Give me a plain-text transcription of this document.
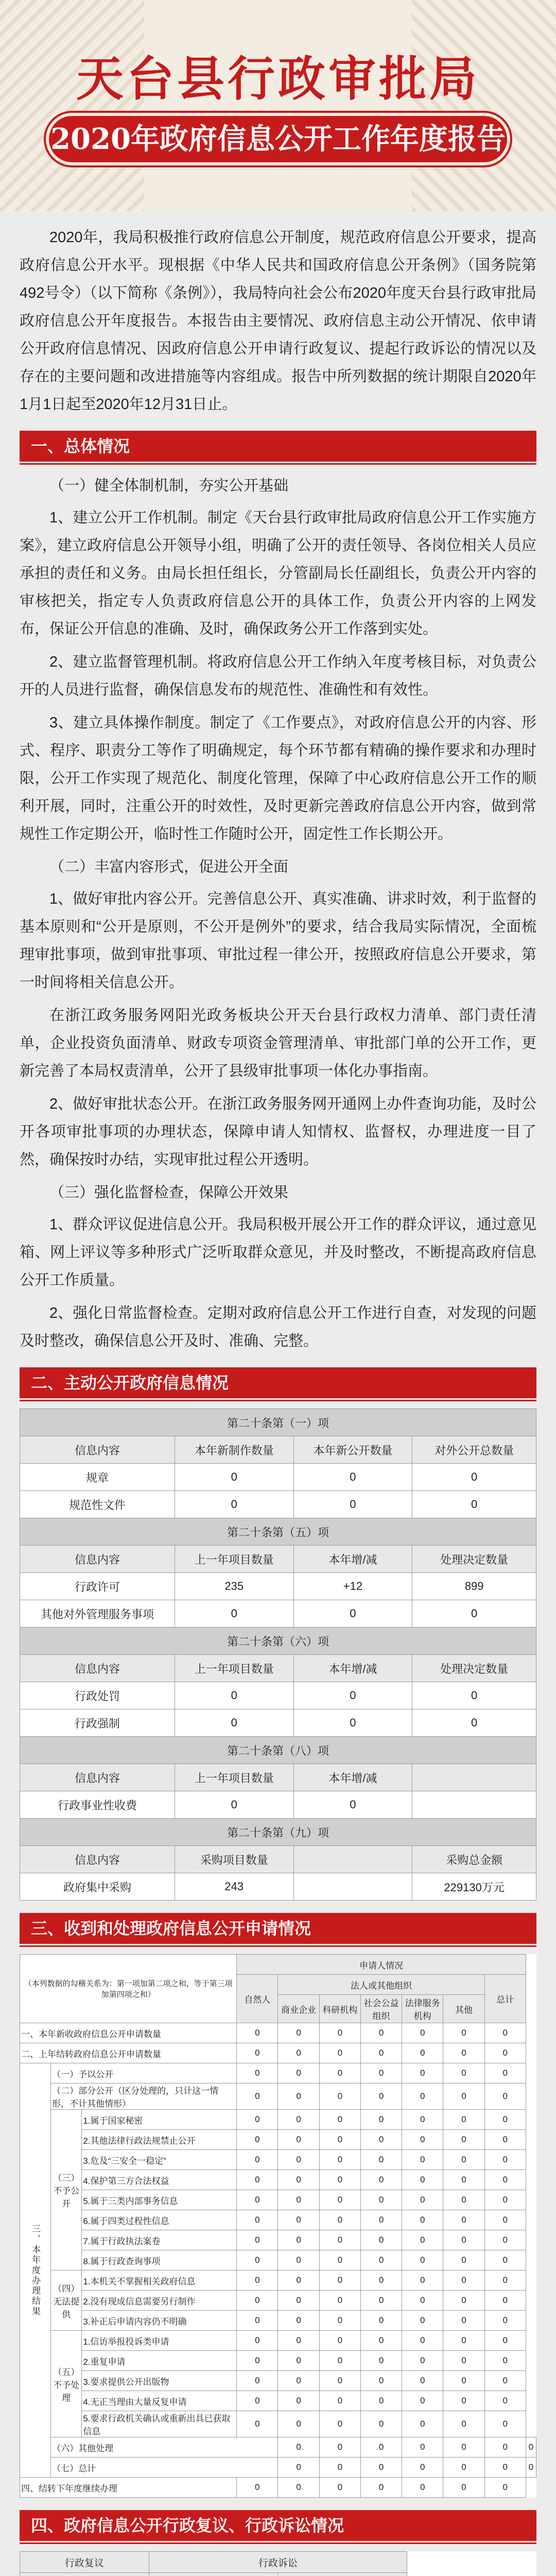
天台县行政审批局
2020年政府信息公开工作年度报告

2020年，我局积极推行政府信息公开制度，规范政府信息公开要求，提高政府信息公开水平。现根据《中华人民共和国政府信息公开条例》（国务院第492号令）（以下简称《条例》），我局特向社会公布2020年度天台县行政审批局政府信息公开年度报告。本报告由主要情况、政府信息主动公开情况、依申请公开政府信息情况、因政府信息公开申请行政复议、提起行政诉讼的情况以及存在的主要问题和改进措施等内容组成。报告中所列数据的统计期限自2020年1月1日起至2020年12月31日止。

一、总体情况

（一）健全体制机制，夯实公开基础

1、建立公开工作机制。制定《天台县行政审批局政府信息公开工作实施方案》，建立政府信息公开领导小组，明确了公开的责任领导、各岗位相关人员应承担的责任和义务。由局长担任组长，分管副局长任副组长，负责公开内容的审核把关，指定专人负责政府信息公开的具体工作，负责公开内容的上网发布，保证公开信息的准确、及时，确保政务公开工作落到实处。

2、建立监督管理机制。将政府信息公开工作纳入年度考核目标，对负责公开的人员进行监督，确保信息发布的规范性、准确性和有效性。

3、建立具体操作制度。制定了《工作要点》，对政府信息公开的内容、形式、程序、职责分工等作了明确规定，每个环节都有精确的操作要求和办理时限，公开工作实现了规范化、制度化管理，保障了中心政府信息公开工作的顺利开展，同时，注重公开的时效性，及时更新完善政府信息公开内容，做到常规性工作定期公开，临时性工作随时公开，固定性工作长期公开。

（二）丰富内容形式，促进公开全面

1、做好审批内容公开。完善信息公开、真实准确、讲求时效，利于监督的基本原则和“公开是原则，不公开是例外”的要求，结合我局实际情况，全面梳理审批事项，做到审批事项、审批过程一律公开，按照政府信息公开要求，第一时间将相关信息公开。

在浙江政务服务网阳光政务板块公开天台县行政权力清单、部门责任清单，企业投资负面清单、财政专项资金管理清单、审批部门单的公开工作，更新完善了本局权责清单，公开了县级审批事项一体化办事指南。

2、做好审批状态公开。在浙江政务服务网开通网上办件查询功能，及时公开各项审批事项的办理状态，保障申请人知情权、监督权，办理进度一目了然，确保按时办结，实现审批过程公开透明。

（三）强化监督检查，保障公开效果

1、群众评议促进信息公开。我局积极开展公开工作的群众评议，通过意见箱、网上评议等多种形式广泛听取群众意见，并及时整改，不断提高政府信息公开工作质量。

2、强化日常监督检查。定期对政府信息公开工作进行自查，对发现的问题及时整改，确保信息公开及时、准确、完整。

二、主动公开政府信息情况
第二十条第（一）项			
信息内容	本年新制作数量	本年新公开数量	对外公开总数量
规章	0	0	0
规范性文件	0	0	0
第二十条第（五）项			
信息内容	上一年项目数量	本年增/减	处理决定数量
行政许可	235	+12	899
其他对外管理服务事项	0	0	0
第二十条第（六）项			
信息内容	上一年项目数量	本年增/减	处理决定数量
行政处罚	0	0	0
行政强制	0	0	0
第二十条第（八）项			
信息内容	上一年项目数量	本年增/减	
行政事业性收费	0	0	
第二十条第（九）项			
信息内容	采购项目数量		采购总金额
政府集中采购	243		229130万元
三、收到和处理政府信息公开申请情况
（本列数据的勾稽关系为：第一项加第二项之和，等于第三项加第四项之和）			申请人情况							
			自然人	法人或其他组织					总计	
				商业企业	科研机构	社会公益组织	法律服务机构	其他		
一、本年新收政府信息公开申请数量			0	0	0	0	0	0	0	
二、上年结转政府信息公开申请数量			0	0	0	0	0	0	0	
三、本年度办理结果	（一）予以公开		0	0	0	0	0	0	0	
	（二）部分公开（区分处理的，只计这一情形，不计其他情形）		0	0	0	0	0	0	0	
	（三）不予公开	1.属于国家秘密	0	0	0	0	0	0	0	
		2.其他法律行政法规禁止公开	0	0	0	0	0	0	0	
		3.危及“三安全一稳定”	0	0	0	0	0	0	0	
		4.保护第三方合法权益	0	0	0	0	0	0	0	
		5.属于三类内部事务信息	0	0	0	0	0	0	0	
		6.属于四类过程性信息	0	0	0	0	0	0	0	
		7.属于行政执法案卷	0	0	0	0	0	0	0	
		8.属于行政查询事项	0	0	0	0	0	0	0	
	（四）无法提供	1.本机关不掌握相关政府信息	0	0	0	0	0	0	0	
		2.没有现成信息需要另行制作	0	0	0	0	0	0	0	
		3.补正后申请内容仍不明确	0	0	0	0	0	0	0	
	（五）不予处理	1.信访举报投诉类申请	0	0	0	0	0	0	0	
		2.重复申请	0	0	0	0	0	0	0	
		3.要求提供公开出版物	0	0	0	0	0	0	0	
		4.无正当理由大量反复申请	0	0	0	0	0	0	0	
		5.要求行政机关确认或重新出具已获取信息	0	0	0	0	0	0	0	
	（六）其他处理			0	0	0	0	0	0	0
	（七）总计			0	0	0	0	0	0	0
四、结转下年度继续办理			0	0	0	0	0	0	0	
四、政府信息公开行政复议、行政诉讼情况
行政复议					行政诉讼														
